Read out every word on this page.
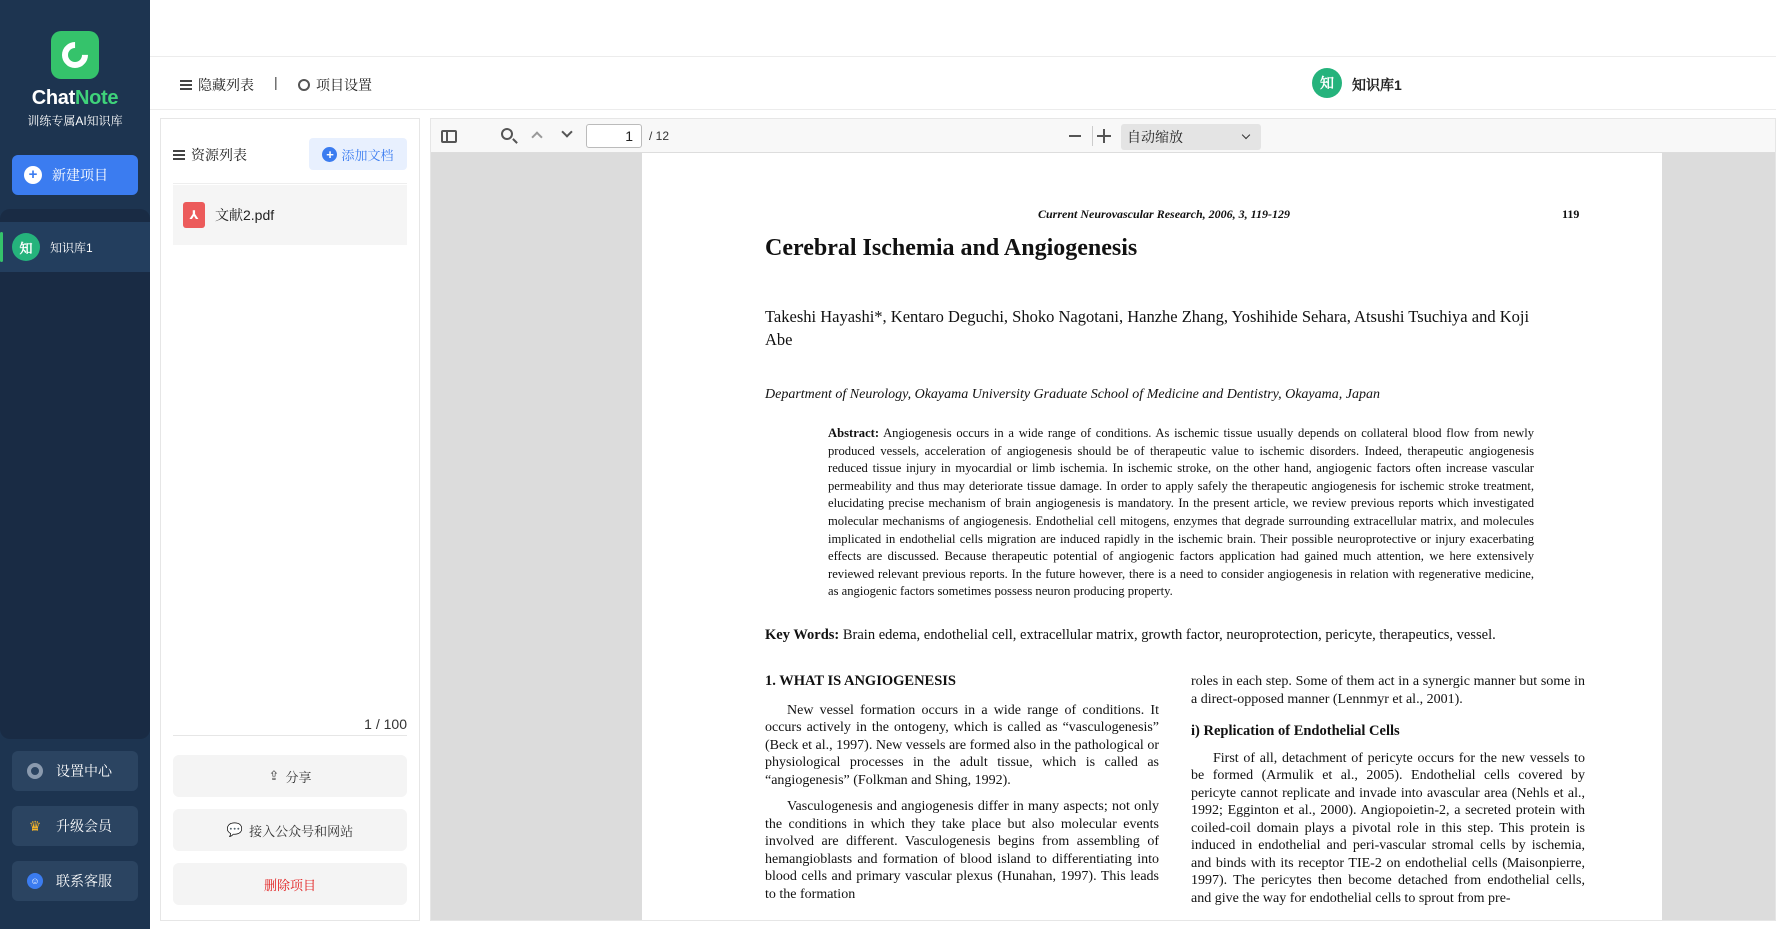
ChatNote
训练专属AI知识库
+	新建项目
知	知识库1
设置中心
♛ 升级会员
☺ 联系客服
隐藏列表 |	项目设置	知	知识库1
资源列表	+ 添加文档
⅄	文献2.pdf
1 / 100
⇪ 分享
💬 接入公众号和网站
删除项目
1	/ 12	自动缩放
Current Neurovascular Research, 2006, 3, 119-129	119
Cerebral Ischemia and Angiogenesis
Takeshi Hayashi*, Kentaro Deguchi, Shoko Nagotani, Hanzhe Zhang, Yoshihide Sehara, Atsushi Tsuchiya and Koji Abe
Department of Neurology, Okayama University Graduate School of Medicine and Dentistry, Okayama, Japan
Abstract: Angiogenesis occurs in a wide range of conditions. As ischemic tissue usually depends on collateral blood flow from newly produced vessels, acceleration of angiogenesis should be of therapeutic value to ischemic disorders. Indeed, therapeutic angiogenesis reduced tissue injury in myocardial or limb ischemia. In ischemic stroke, on the other hand, angiogenic factors often increase vascular permeability and thus may deteriorate tissue damage. In order to apply safely the therapeutic angiogenesis for ischemic stroke treatment, elucidating precise mechanism of brain angiogenesis is mandatory. In the present article, we review previous reports which investigated molecular mechanisms of angiogenesis. Endothelial cell mitogens, enzymes that degrade surrounding extracellular matrix, and molecules implicated in endothelial cells migration are induced rapidly in the ischemic brain. Their possible neuroprotective or injury exacerbating effects are discussed. Because therapeutic potential of angiogenic factors application had gained much attention, we here extensively reviewed relevant previous reports. In the future however, there is a need to consider angiogenesis in relation with regenerative medicine, as angiogenic factors sometimes possess neuron producing property.
Key Words: Brain edema, endothelial cell, extracellular matrix, growth factor, neuroprotection, pericyte, therapeutics, vessel.
1. WHAT IS ANGIOGENESIS

New vessel formation occurs in a wide range of conditions. It occurs actively in the ontogeny, which is called as “vasculogenesis” (Beck et al., 1997). New vessels are formed also in the pathological or physiological processes in the adult tissue, which is called as “angiogenesis” (Folkman and Shing, 1992).

Vasculogenesis and angiogenesis differ in many aspects; not only the conditions in which they take place but also molecular events involved are different. Vasculogenesis begins from assembling of hemangioblasts and formation of blood island to differentiating into blood cells and primary vascular plexus (Hunahan, 1997). This leads to the formation

roles in each step. Some of them act in a synergic manner but some in a direct-opposed manner (Lennmyr et al., 2001).

i) Replication of Endothelial Cells

First of all, detachment of pericyte occurs for the new vessels to be formed (Armulik et al., 2005). Endothelial cells covered by pericyte cannot replicate and invade into avascular area (Nehls et al., 1992; Egginton et al., 2000). Angiopoietin-2, a secreted protein with coiled-coil domain plays a pivotal role in this step. This protein is induced in endothelial and peri-vascular stromal cells by ischemia, and binds with its receptor TIE-2 on endothelial cells (Maisonpierre, 1997). The pericytes then become detached from endothelial cells, and give the way for endothelial cells to sprout from pre-
